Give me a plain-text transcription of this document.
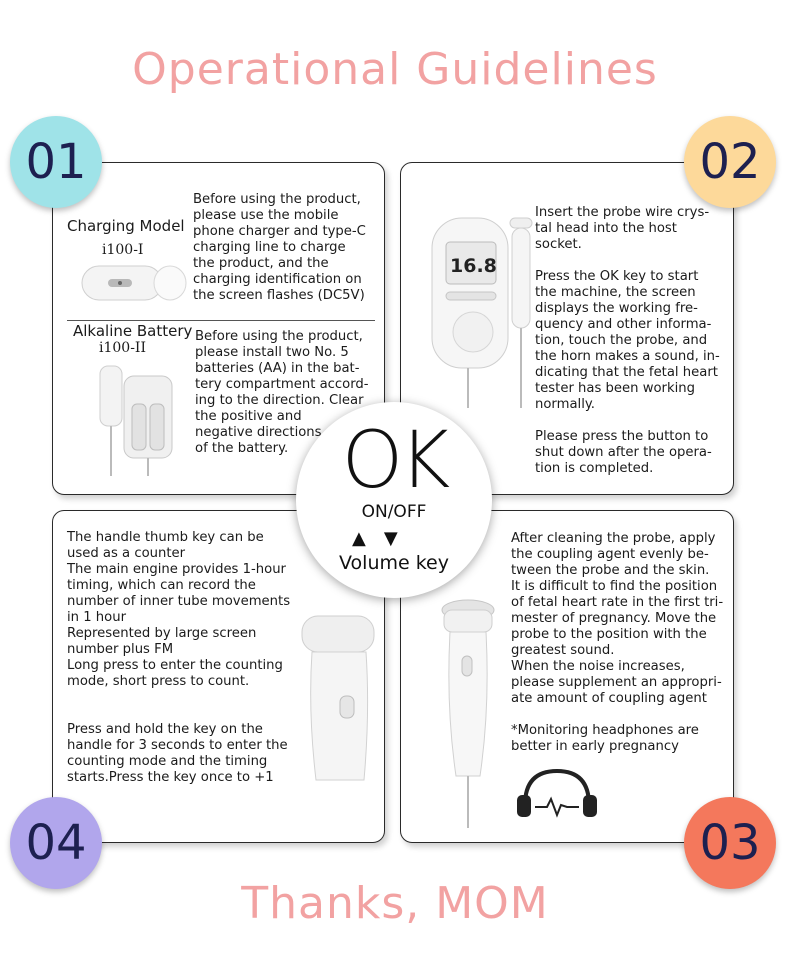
Operational Guidelines
Charging Model
i100-I
Before using the product,
please use the mobile
phone charger and type-C
charging line to charge
the product, and the
charging identification on
the screen flashes (DC5V)
Alkaline Battery
i100-II
Before using the product,
please install two No. 5
batteries (AA) in the bat-
tery compartment accord-
ing to the direction. Clear
the positive and
negative directions
of the battery.
16.8
Insert the probe wire crys-
tal head into the host
socket.
Press the OK key to start
the machine, the screen
displays the working fre-
quency and other informa-
tion, touch the probe, and
the horn makes a sound, in-
dicating that the fetal heart
tester has been working
normally.
Please press the button to
shut down after the opera-
tion is completed.
The handle thumb key can be
used as a counter
The main engine provides 1-hour
timing, which can record the
number of inner tube movements
in 1 hour
Represented by large screen
number plus FM
Long press to enter the counting
mode, short press to count.
Press and hold the key on the
handle for 3 seconds to enter the
counting mode and the timing
starts.Press the key once to +1
After cleaning the probe, apply
the coupling agent evenly be-
tween the probe and the skin.
It is difficult to find the position
of fetal heart rate in the first tri-
mester of pregnancy. Move the
probe to the position with the
greatest sound.
When the noise increases,
please supplement an appropri-
ate amount of coupling agent
*Monitoring headphones are
better in early pregnancy
01	02
03
04
OK
ON/OFF
▲▼
Volume key
Thanks, MOM
